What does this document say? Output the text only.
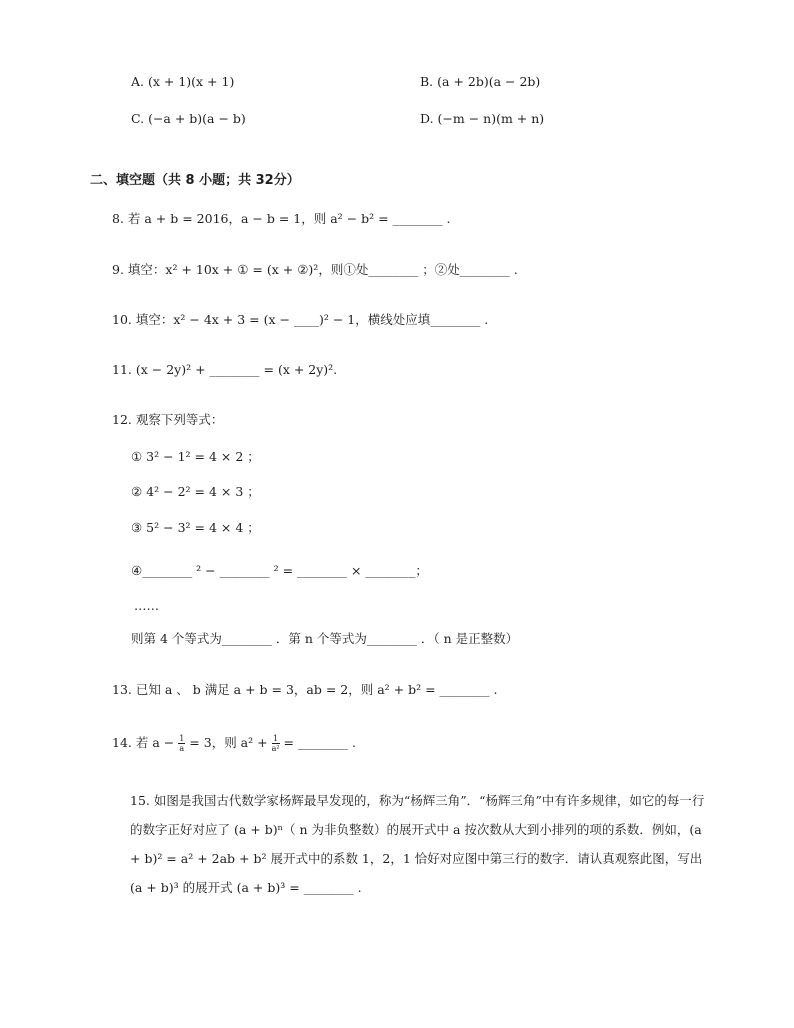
A. (x + 1)(x + 1)	B. (a + 2b)(a − 2b)
C. (−a + b)(a − b)	D. (−m − n)(m + n)
二、填空题（共 8 小题；共 32分）
8. 若 a + b = 2016，a − b = 1，则 a² − b² = ________ .
9. 填空：x² + 10x + ① = (x + ②)²，则①处________ ；②处________ .
10. 填空：x² − 4x + 3 = (x − ____)² − 1，横线处应填________ .
11. (x − 2y)² + ________ = (x + 2y)².
12. 观察下列等式：
① 3² − 1² = 4 × 2 ；
② 4² − 2² = 4 × 3 ；
③ 5² − 3² = 4 × 4 ；
④________ ² − ________ ² = ________ × ________；
……
则第 4 个等式为________ ．第 n 个等式为________ ．（ n 是正整数）
13. 已知 a 、 b 满足 a + b = 3，ab = 2，则 a² + b² = ________ .
14. 若 $a - \frac{1}{a} = 3$，则 $a^2 + \frac{1}{\text{a²}}$ = ________ .
15. 如图是我国古代数学家杨辉最早发现的，称为“杨辉三角”．“杨辉三角”中有许多规律，如它的每一行的数字正好对应了 (a + b)ⁿ（ n 为非负整数）的展开式中 a 按次数从大到小排列的项的系数．例如，(a + b)² = a² + 2ab + b² 展开式中的系数 1，2，1 恰好对应图中第三行的数字．请认真观察此图，写出 (a + b)³ 的展开式 (a + b)³ = ________ .
